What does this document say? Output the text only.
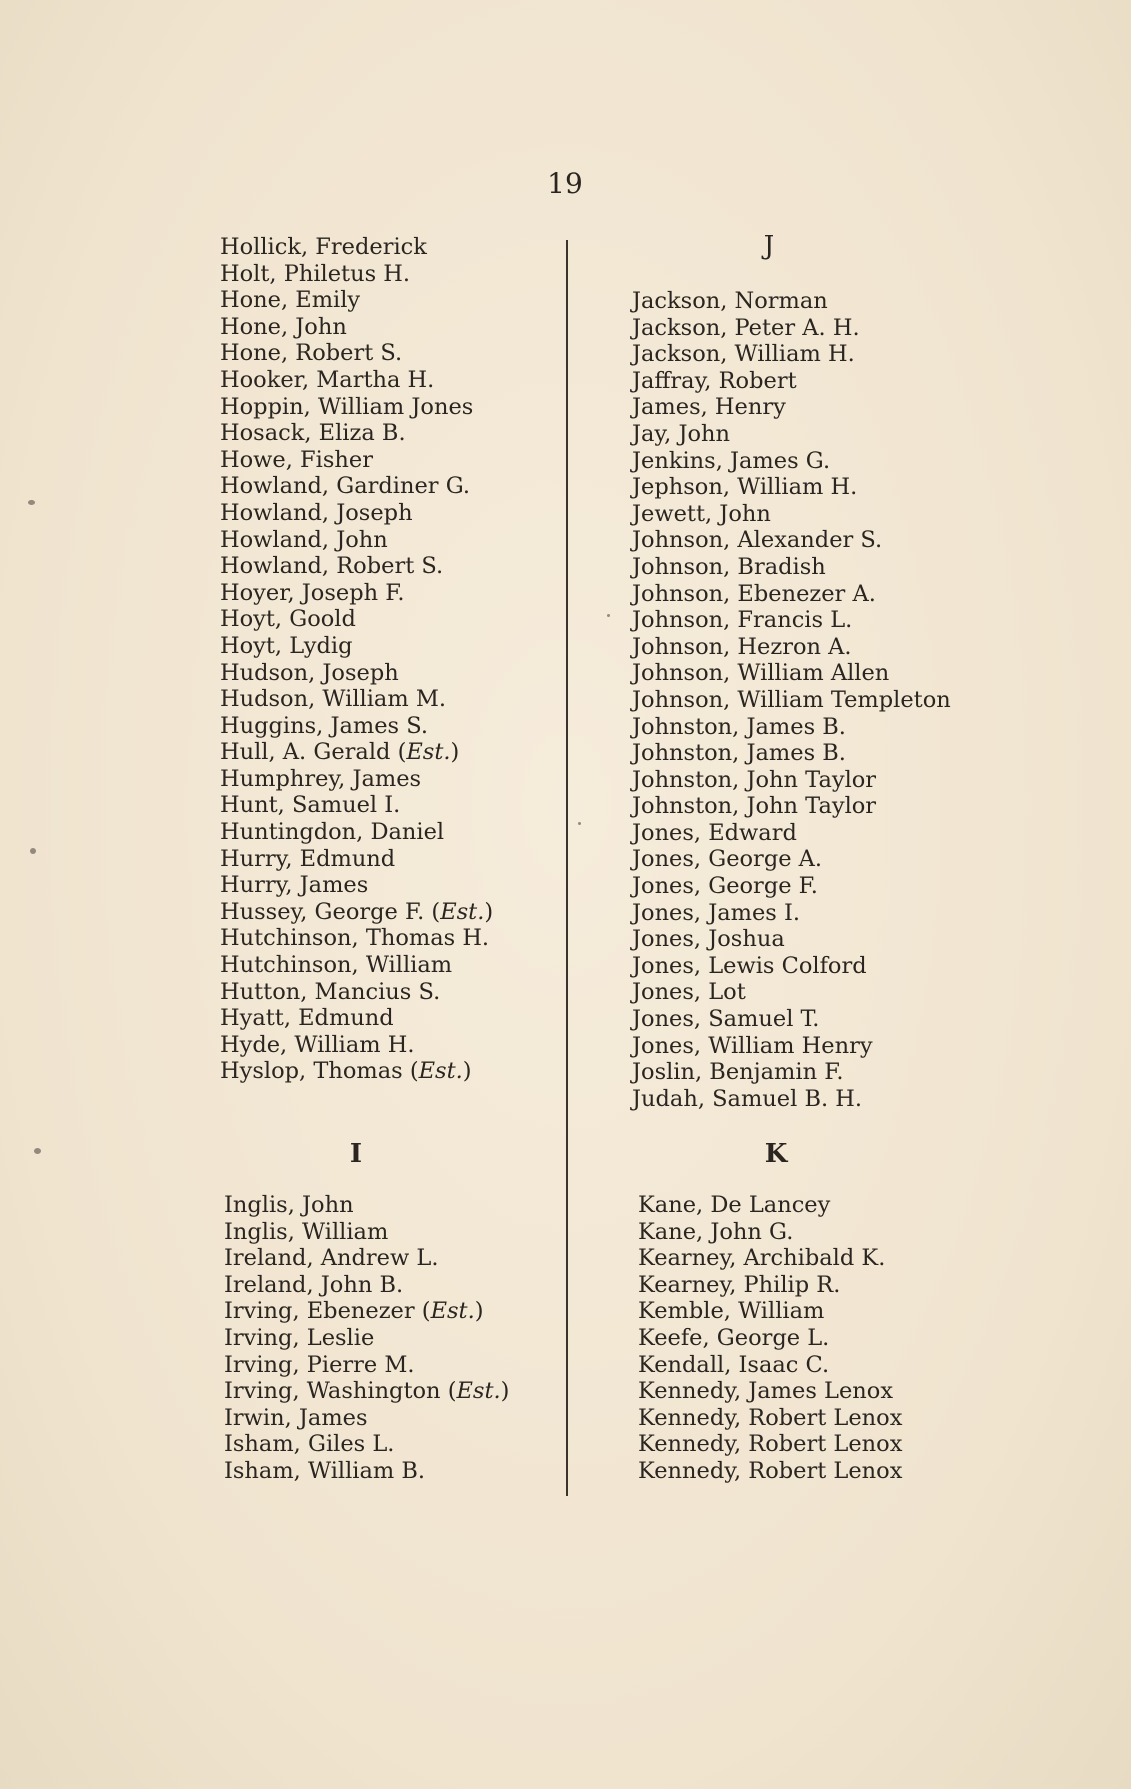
19
Hollick, Frederick
Holt, Philetus H.
Hone, Emily
Hone, John
Hone, Robert S.
Hooker, Martha H.
Hoppin, William Jones
Hosack, Eliza B.
Howe, Fisher
Howland, Gardiner G.
Howland, Joseph
Howland, John
Howland, Robert S.
Hoyer, Joseph F.
Hoyt, Goold
Hoyt, Lydig
Hudson, Joseph
Hudson, William M.
Huggins, James S.
Hull, A. Gerald (Est.)
Humphrey, James
Hunt, Samuel I.
Huntingdon, Daniel
Hurry, Edmund
Hurry, James
Hussey, George F. (Est.)
Hutchinson, Thomas H.
Hutchinson, William
Hutton, Mancius S.
Hyatt, Edmund
Hyde, William H.
Hyslop, Thomas (Est.)
I
Inglis, John
Inglis, William
Ireland, Andrew L.
Ireland, John B.
Irving, Ebenezer (Est.)
Irving, Leslie
Irving, Pierre M.
Irving, Washington (Est.)
Irwin, James
Isham, Giles L.
Isham, William B.
J
Jackson, Norman
Jackson, Peter A. H.
Jackson, William H.
Jaffray, Robert
James, Henry
Jay, John
Jenkins, James G.
Jephson, William H.
Jewett, John
Johnson, Alexander S.
Johnson, Bradish
Johnson, Ebenezer A.
Johnson, Francis L.
Johnson, Hezron A.
Johnson, William Allen
Johnson, William Templeton
Johnston, James B.
Johnston, James B.
Johnston, John Taylor
Johnston, John Taylor
Jones, Edward
Jones, George A.
Jones, George F.
Jones, James I.
Jones, Joshua
Jones, Lewis Colford
Jones, Lot
Jones, Samuel T.
Jones, William Henry
Joslin, Benjamin F.
Judah, Samuel B. H.
K
Kane, De Lancey
Kane, John G.
Kearney, Archibald K.
Kearney, Philip R.
Kemble, William
Keefe, George L.
Kendall, Isaac C.
Kennedy, James Lenox
Kennedy, Robert Lenox
Kennedy, Robert Lenox
Kennedy, Robert Lenox
